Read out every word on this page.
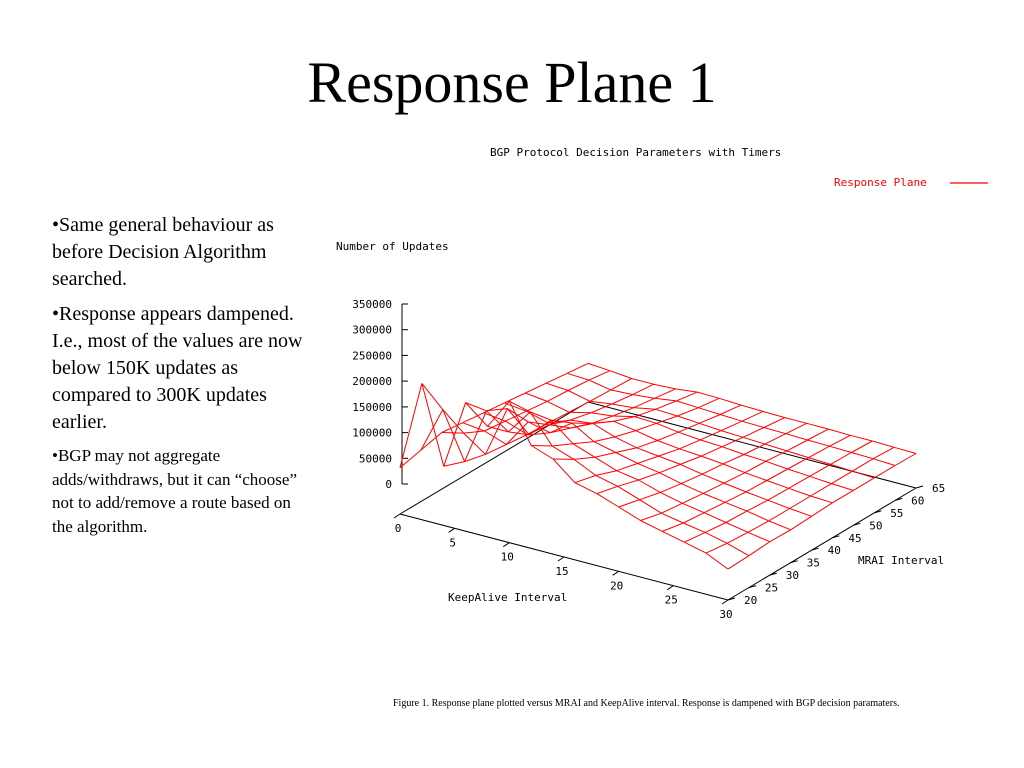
Response Plane 1

•Same general behaviour as before Decision Algorithm searched.

•Response appears dampened. I.e., most of the values are now below 150K updates as compared to 300K updates earlier.

•BGP may not aggregate adds/withdraws, but it can “choose” not to add/remove a route based on the algorithm.

0
50000
100000
150000
200000
250000
300000
350000
0
5
10
15
20
25
30
20
25
30
35
40
45
50
55
60
65
BGP Protocol Decision Parameters with Timers
Number of Updates
KeepAlive Interval
MRAI Interval
Response Plane
Figure 1. Response plane plotted versus MRAI and KeepAlive interval. Response is dampened with BGP decision paramaters.
